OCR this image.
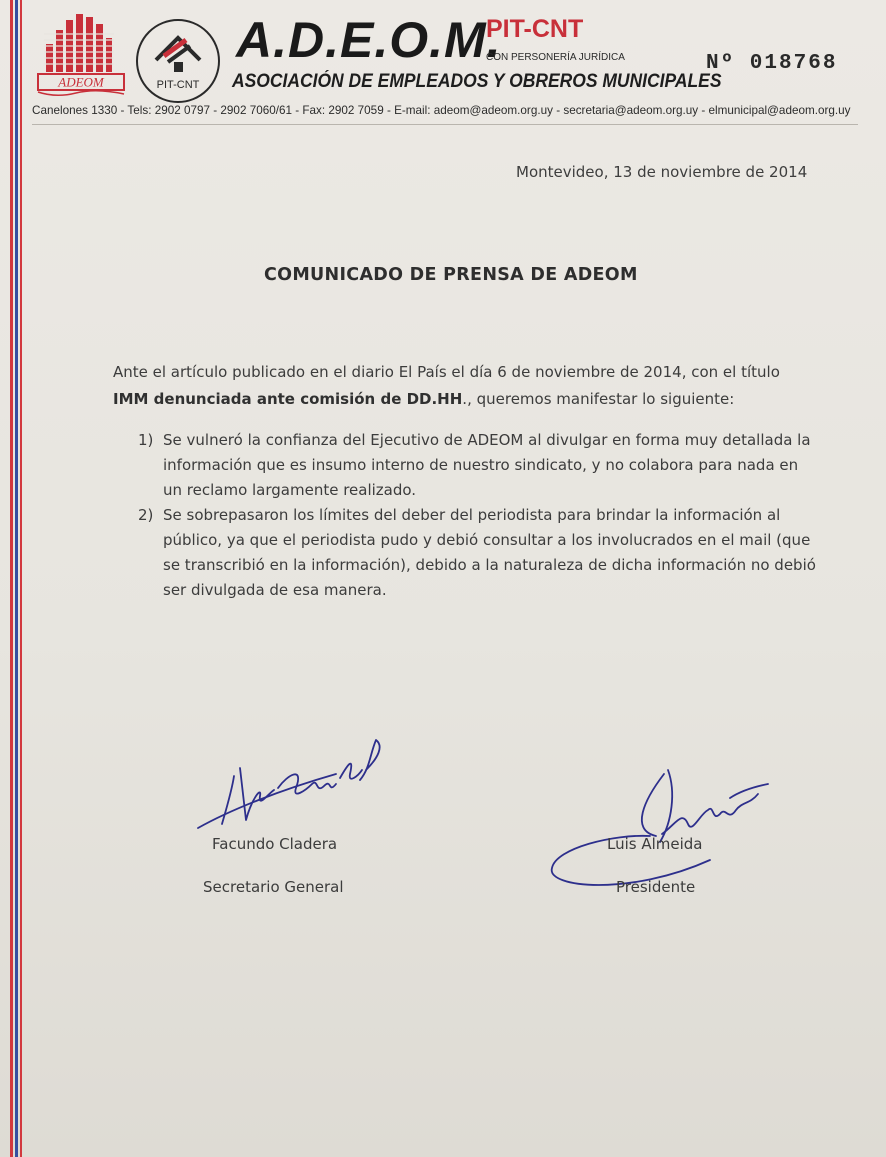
ADEOM	PIT-CNT
A.D.E.O.M.
PIT-CNT
CON PERSONERÍA JURÍDICA
ASOCIACIÓN DE EMPLEADOS Y OBREROS MUNICIPALES
Nº 018768
Canelones 1330 - Tels: 2902 0797 - 2902 7060/61 - Fax: 2902 7059 - E-mail: adeom@adeom.org.uy - secretaria@adeom.org.uy - elmunicipal@adeom.org.uy
Montevideo, 13 de noviembre de 2014
COMUNICADO DE PRENSA DE ADEOM
Ante el artículo publicado en el diario El País el día 6 de noviembre de 2014, con el título IMM denunciada ante comisión de DD.HH., queremos manifestar lo siguiente:
1) Se vulneró la confianza del Ejecutivo de ADEOM al divulgar en forma muy detallada la información que es insumo interno de nuestro sindicato, y no colabora para nada en un reclamo largamente realizado.
2) Se sobrepasaron los límites del deber del periodista para brindar la información al público, ya que el periodista pudo y debió consultar a los involucrados en el mail (que se transcribió en la información), debido a la naturaleza de dicha información no debió ser divulgada de esa manera.
Facundo Cladera
Secretario General
Luis Almeida
Presidente
